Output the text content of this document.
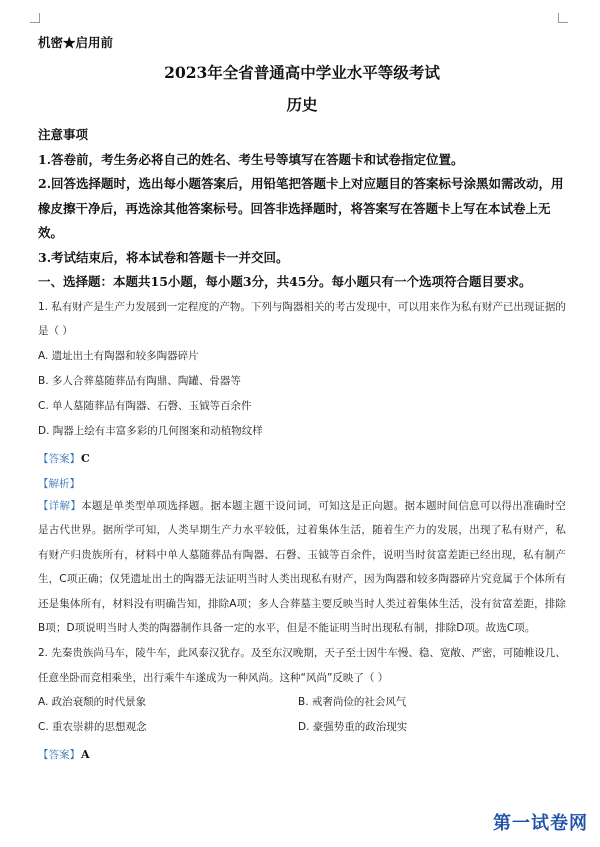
机密★启用前
2023年全省普通高中学业水平等级考试
历史
注意事项
1.答卷前，考生务必将自己的姓名、考生号等填写在答题卡和试卷指定位置。
2.回答选择题时，选出每小题答案后，用铅笔把答题卡上对应题目的答案标号涂黑如需改动，用橡皮擦干净后，再选涂其他答案标号。回答非选择题时，将答案写在答题卡上写在本试卷上无效。
3.考试结束后，将本试卷和答题卡一并交回。
一、选择题：本题共15小题，每小题3分，共45分。每小题只有一个选项符合题目要求。
1. 私有财产是生产力发展到一定程度的产物。下列与陶器相关的考古发现中，可以用来作为私有财产已出现证据的是（ ）
A. 遗址出土有陶器和较多陶器碎片
B. 多人合葬墓随葬品有陶鼎、陶罐、骨器等
C. 单人墓随葬品有陶器、石磬、玉钺等百余件
D. 陶器上绘有丰富多彩的几何图案和动植物纹样
【答案】C
【解析】
【详解】本题是单类型单项选择题。据本题主题干设问词，可知这是正向题。据本题时间信息可以得出准确时空是古代世界。据所学可知，人类早期生产力水平较低，过着集体生活，随着生产力的发展，出现了私有财产，私有财产归贵族所有，材料中单人墓随葬品有陶器、石磬、玉钺等百余件，说明当时贫富差距已经出现，私有制产生，C项正确；仅凭遗址出土的陶器无法证明当时人类出现私有财产，因为陶器和较多陶器碎片究竟属于个体所有还是集体所有，材料没有明确告知，排除A项；多人合葬墓主要反映当时人类过着集体生活，没有贫富差距，排除B项；D项说明当时人类的陶器制作具备一定的水平，但是不能证明当时出现私有制，排除D项。故选C项。
2. 先秦贵族尚马车，陵牛车，此风泰汉犹存。及至东汉晚期，天子至士因牛车慢、稳、宽敞、严密，可随帷设几、任意坐卧而竞相乘坐，出行乘牛车遂成为一种风尚。这种“风尚”反映了（ ）
A. 政治衰颓的时代景象	B. 戒奢尚俭的社会风气
C. 重农崇耕的思想观念	D. 豪强势重的政治现实
【答案】A
第一试卷网
